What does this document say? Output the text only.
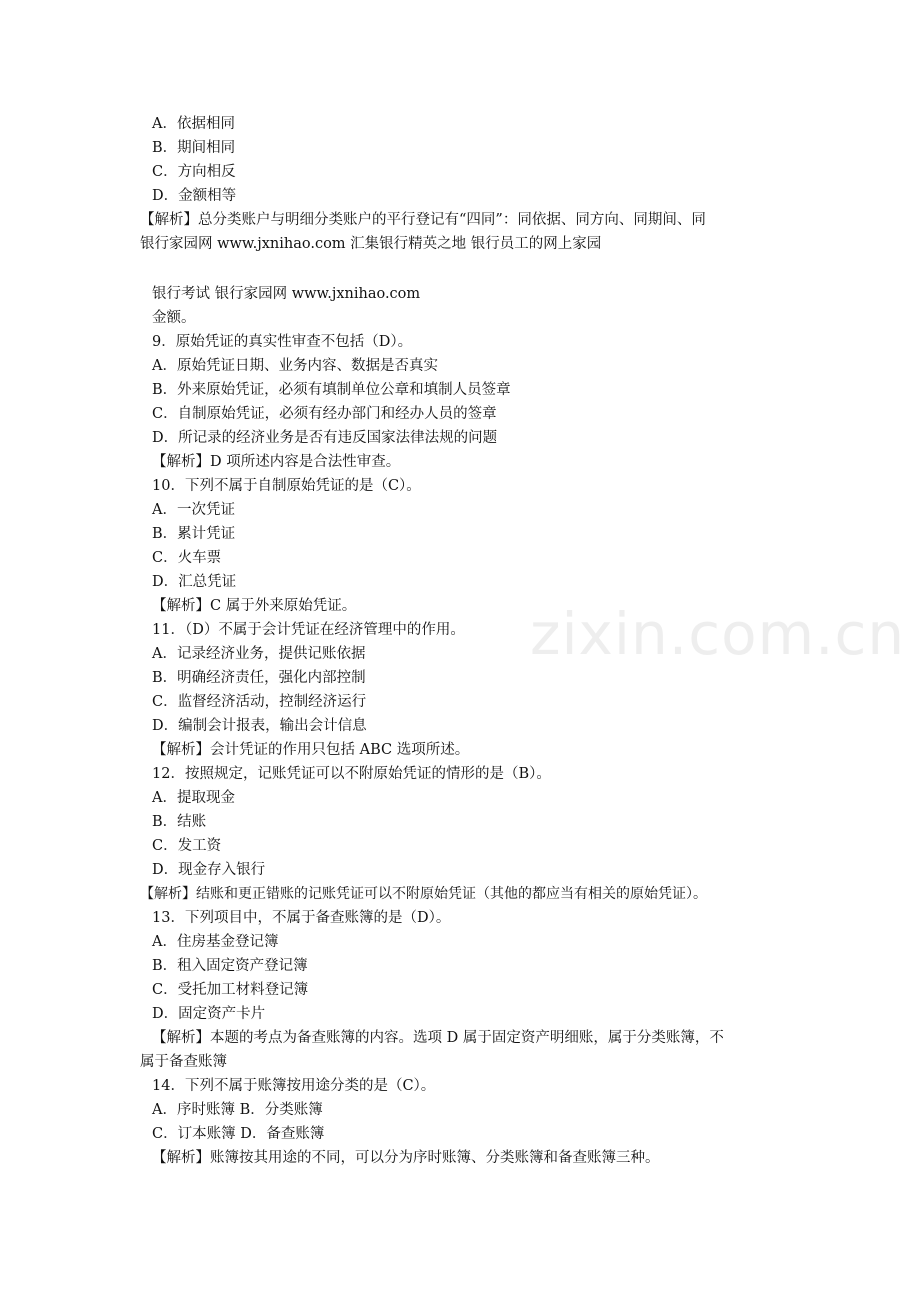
zixin.com.cn
A．依据相同
B．期间相同
C．方向相反
D．金额相等
【解析】总分类账户与明细分类账户的平行登记有“四同”：同依据、同方向、同期间、同
银行家园网 www.jxnihao.com 汇集银行精英之地 银行员工的网上家园
银行考试 银行家园网 www.jxnihao.com
金额。
9．原始凭证的真实性审查不包括（D）。
A．原始凭证日期、业务内容、数据是否真实
B．外来原始凭证，必须有填制单位公章和填制人员签章
C．自制原始凭证，必须有经办部门和经办人员的签章
D．所记录的经济业务是否有违反国家法律法规的问题
【解析】D 项所述内容是合法性审查。
10．下列不属于自制原始凭证的是（C）。
A．一次凭证
B．累计凭证
C．火车票
D．汇总凭证
【解析】C 属于外来原始凭证。
11．（D）不属于会计凭证在经济管理中的作用。
A．记录经济业务，提供记账依据
B．明确经济责任，强化内部控制
C．监督经济活动，控制经济运行
D．编制会计报表，输出会计信息
【解析】会计凭证的作用只包括 ABC 选项所述。
12．按照规定，记账凭证可以不附原始凭证的情形的是（B）。
A．提取现金
B．结账
C．发工资
D．现金存入银行
【解析】结账和更正错账的记账凭证可以不附原始凭证（其他的都应当有相关的原始凭证）。
13．下列项目中，不属于备查账簿的是（D）。
A．住房基金登记簿
B．租入固定资产登记簿
C．受托加工材料登记簿
D．固定资产卡片
【解析】本题的考点为备查账簿的内容。选项 D 属于固定资产明细账，属于分类账簿，不
属于备查账簿
14．下列不属于账簿按用途分类的是（C）。
A．序时账簿 B．分类账簿
C．订本账簿 D．备查账簿
【解析】账簿按其用途的不同，可以分为序时账簿、分类账簿和备查账簿三种。
